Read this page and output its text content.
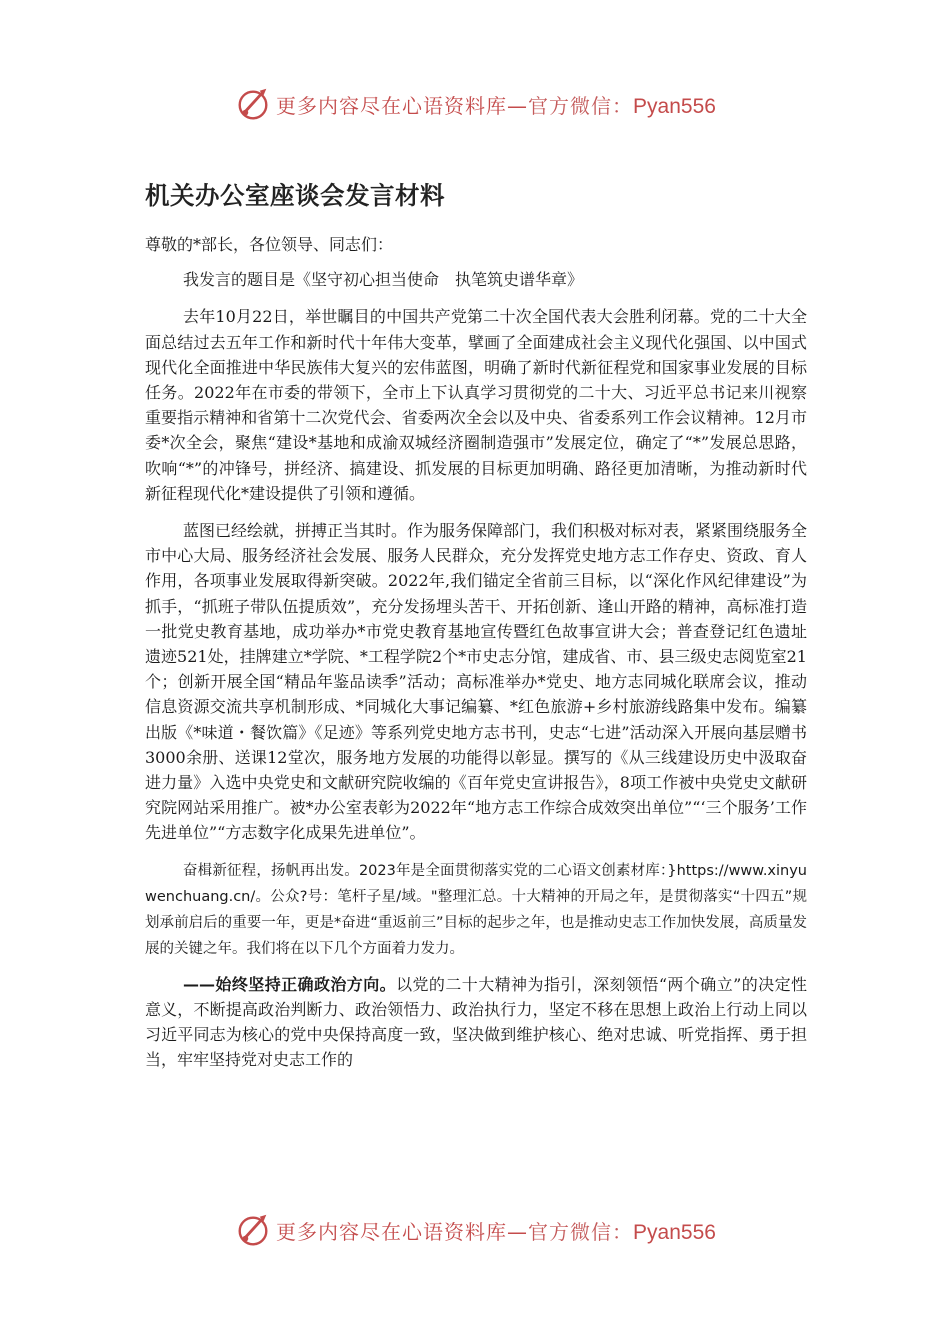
更多内容尽在心语资料库—官方微信：Pyan556
机关办公室座谈会发言材料

尊敬的*部长，各位领导、同志们：

我发言的题目是《坚守初心担当使命　执笔筑史谱华章》

去年10月22日，举世瞩目的中国共产党第二十次全国代表大会胜利闭幕。党的二十大全面总结过去五年工作和新时代十年伟大变革，擘画了全面建成社会主义现代化强国、以中国式现代化全面推进中华民族伟大复兴的宏伟蓝图，明确了新时代新征程党和国家事业发展的目标任务。2022年在市委的带领下，全市上下认真学习贯彻党的二十大、习近平总书记来川视察重要指示精神和省第十二次党代会、省委两次全会以及中央、省委系列工作会议精神。12月市委*次全会，聚焦“建设*基地和成渝双城经济圈制造强市”发展定位，确定了“*”发展总思路，吹响“*”的冲锋号，拼经济、搞建设、抓发展的目标更加明确、路径更加清晰，为推动新时代新征程现代化*建设提供了引领和遵循。

蓝图已经绘就，拼搏正当其时。作为服务保障部门，我们积极对标对表，紧紧围绕服务全市中心大局、服务经济社会发展、服务人民群众，充分发挥党史地方志工作存史、资政、育人作用，各项事业发展取得新突破。2022年,我们锚定全省前三目标，以“深化作风纪律建设”为抓手，“抓班子带队伍提质效”，充分发扬埋头苦干、开拓创新、逢山开路的精神，高标准打造一批党史教育基地，成功举办*市党史教育基地宣传暨红色故事宣讲大会；普查登记红色遗址遗迹521处，挂牌建立*学院、*工程学院2个*市史志分馆，建成省、市、县三级史志阅览室21个；创新开展全国“精品年鉴品读季”活动；高标准举办*党史、地方志同城化联席会议，推动信息资源交流共享机制形成、*同城化大事记编纂、*红色旅游+乡村旅游线路集中发布。编纂出版《*味道・餐饮篇》《足迹》等系列党史地方志书刊，史志“七进”活动深入开展向基层赠书3000余册、送课12堂次，服务地方发展的功能得以彰显。撰写的《从三线建设历史中汲取奋进力量》入选中央党史和文献研究院收编的《百年党史宣讲报告》，8项工作被中央党史文献研究院网站采用推广。被*办公室表彰为2022年“地方志工作综合成效突出单位”“‘三个服务’工作先进单位”“方志数字化成果先进单位”。

奋楫新征程，扬帆再出发。2023年是全面贯彻落实党的二心语文创素材库：}https://www.xinyuwenchuang.cn/。公众?号：笔杆子星/域。"整理汇总。十大精神的开局之年，是贯彻落实“十四五”规划承前启后的重要一年，更是*奋进“重返前三”目标的起步之年，也是推动史志工作加快发展，高质量发展的关键之年。我们将在以下几个方面着力发力。

——始终坚持正确政治方向。以党的二十大精神为指引，深刻领悟“两个确立”的决定性意义，不断提高政治判断力、政治领悟力、政治执行力，坚定不移在思想上政治上行动上同以习近平同志为核心的党中央保持高度一致，坚决做到维护核心、绝对忠诚、听党指挥、勇于担当，牢牢坚持党对史志工作的

更多内容尽在心语资料库—官方微信：Pyan556
